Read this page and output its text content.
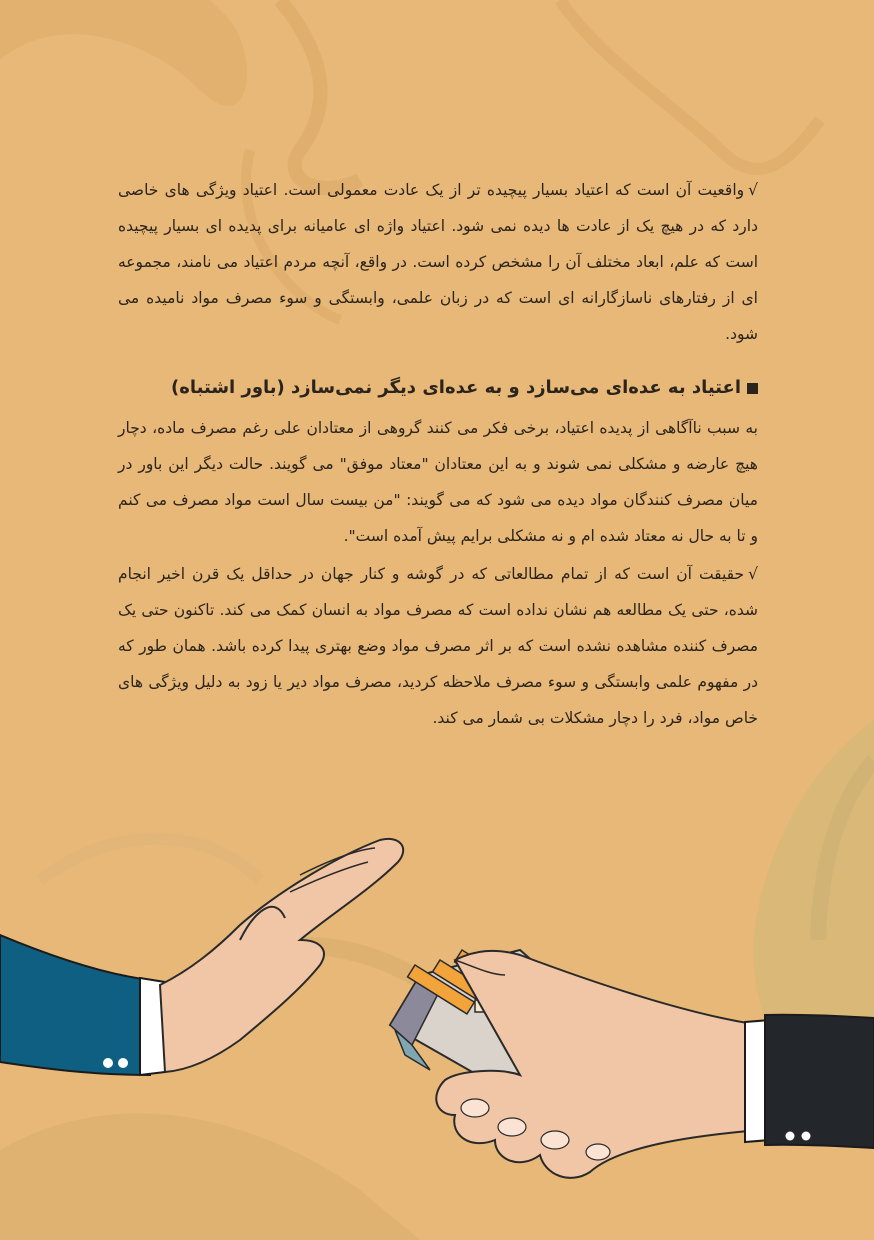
√واقعیت آن است که اعتیاد بسیار پیچیده تر از یک عادت معمولی است. اعتیاد ویژگی های خاصی دارد که در هیچ یک از عادت ها دیده نمی شود. اعتیاد واژه ای عامیانه برای پدیده ای بسیار پیچیده است که علم، ابعاد مختلف آن را مشخص کرده است. در واقع، آنچه مردم اعتیاد می نامند، مجموعه ای از رفتارهای ناسازگارانه ای است که در زبان علمی، وابستگی و سوء مصرف مواد نامیده می شود.

اعتیاد به عده‌ای می‌سازد و به عده‌ای دیگر نمی‌سازد (باور اشتباه)

به سبب ناآگاهی از پدیده اعتیاد، برخی فکر می کنند گروهی از معتادان علی رغم مصرف ماده، دچار هیچ عارضه و مشکلی نمی شوند و به این معتادان "معتاد موفق" می گویند. حالت دیگر این باور در میان مصرف کنندگان مواد دیده می شود که می گویند: "من بیست سال است مواد مصرف می کنم و تا به حال نه معتاد شده ام و نه مشکلی برایم پیش آمده است".

√حقیقت آن است که از تمام مطالعاتی که در گوشه و کنار جهان در حداقل یک قرن اخیر انجام شده، حتی یک مطالعه هم نشان نداده است که مصرف مواد به انسان کمک می کند. تاکنون حتی یک مصرف کننده مشاهده نشده است که بر اثر مصرف مواد وضع بهتری پیدا کرده باشد. همان طور که در مفهوم علمی وابستگی و سوء مصرف ملاحظه کردید، مصرف مواد دیر یا زود به دلیل ویژگی های خاص مواد، فرد را دچار مشکلات بی شمار می کند.
